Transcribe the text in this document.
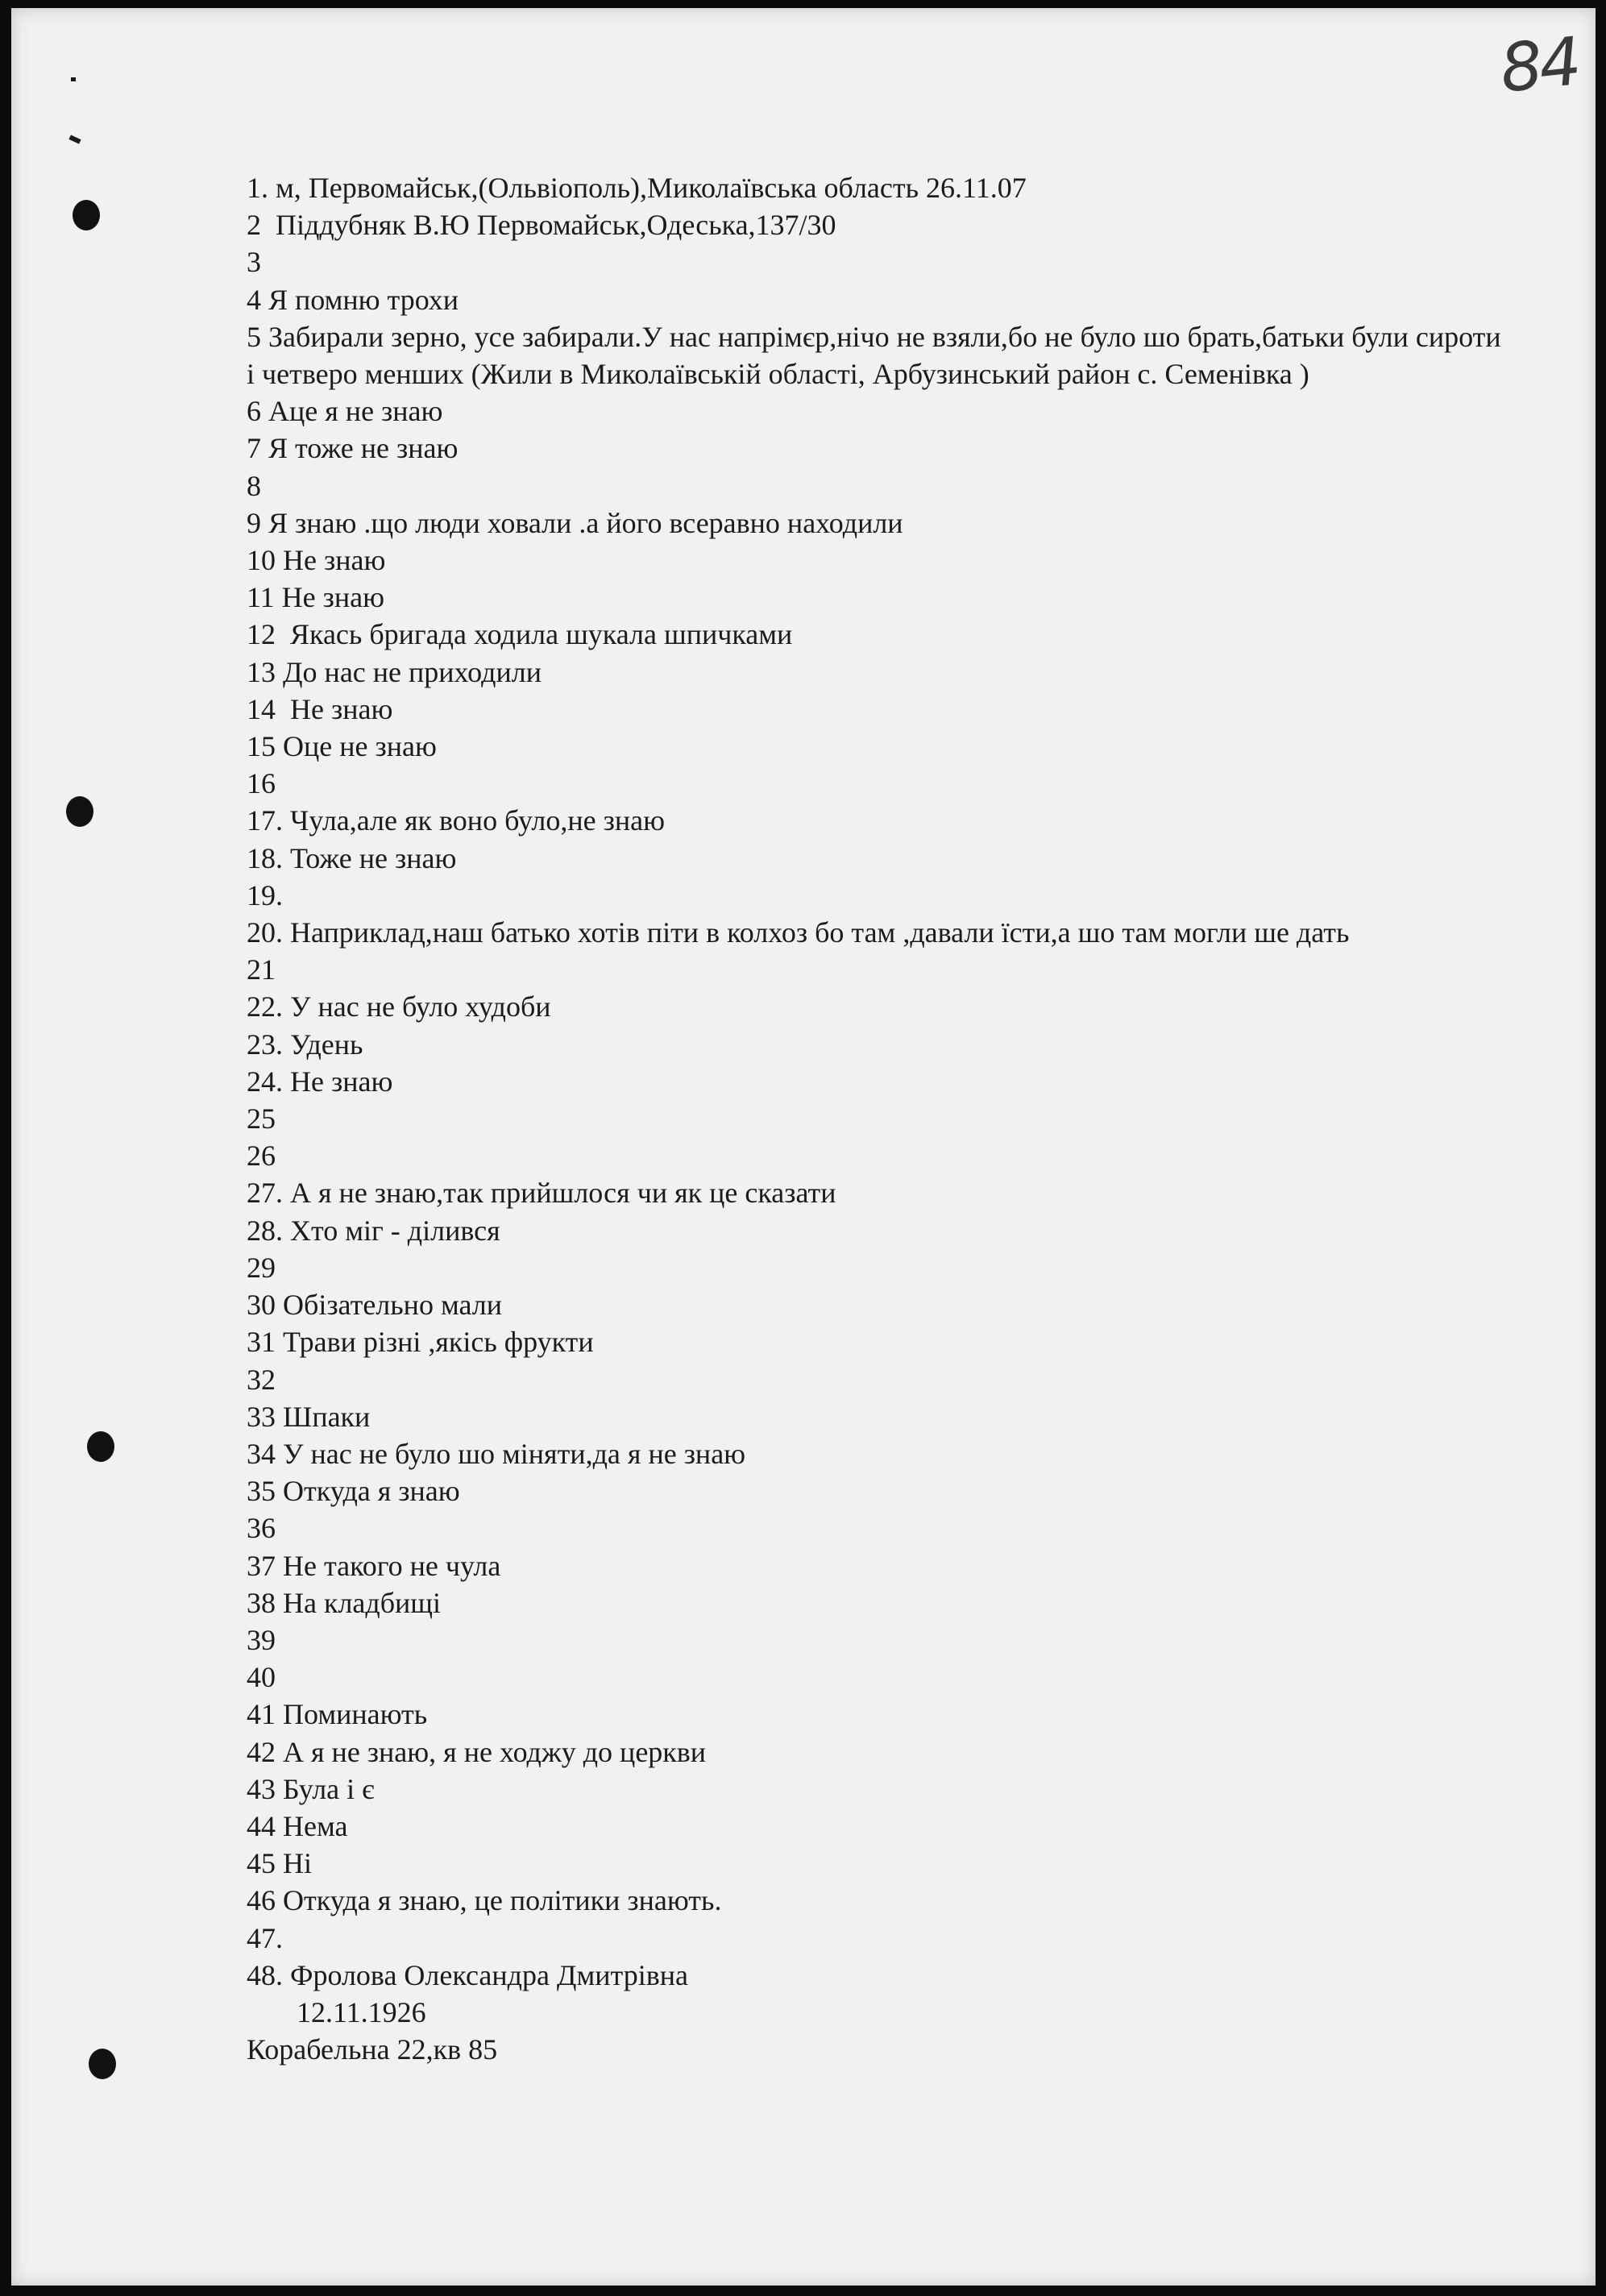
84
1. м, Первомайськ,(Ольвіополь),Миколаївська область 26.11.07
2  Піддубняк В.Ю Первомайськ,Одеська,137/30
3
4 Я помню трохи
5 Забирали зерно, усе забирали.У нас напрімєр,нічо не взяли,бо не було шо брать,батьки були сироти і четверо менших (Жили в Миколаївській області, Арбузинський район с. Семенівка )
6 Аце я не знаю
7 Я тоже не знаю
8
9 Я знаю .що люди ховали .а його всеравно находили
10 Не знаю
11 Не знаю
12  Якась бригада ходила шукала шпичками
13 До нас не приходили
14  Не знаю
15 Оце не знаю
16
17. Чула,але як воно було,не знаю
18. Тоже не знаю
19.
20. Наприклад,наш батько хотів піти в колхоз бо там ,давали їсти,а шо там могли ше дать
21
22. У нас не було худоби
23. Удень
24. Не знаю
25
26
27. А я не знаю,так прийшлося чи як це сказати
28. Хто міг - ділився
29
30 Обізательно мали
31 Трави різні ,якісь фрукти
32
33 Шпаки
34 У нас не було шо міняти,да я не знаю
35 Откуда я знаю
36
37 Не такого не чула
38 На кладбищі
39
40
41 Поминають
42 А я не знаю, я не ходжу до церкви
43 Була і є
44 Нема
45 Ні
46 Откуда я знаю, це політики знають.
47.
48. Фролова Олександра Дмитрівна
12.11.1926
Корабельна 22,кв 85
